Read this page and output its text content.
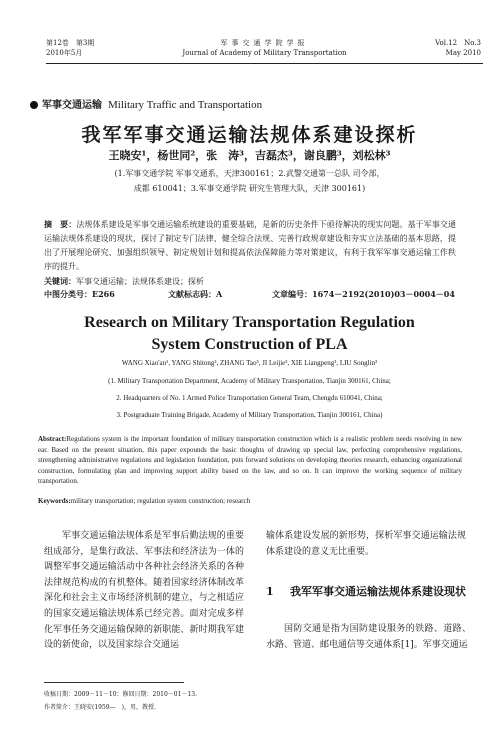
第12卷　第3期
2010年5月
军事交通学院学报
Journal of Academy of Military Transportation
Vol.12　No.3
May 2010
军事交通运输 Military Traffic and Transportation
我军军事交通运输法规体系建设探析
王晓安¹，杨世同²，张　涛³，吉磊杰³，谢良鹏³，刘松林³
(1.军事交通学院 军事交通系，天津300161；2.武警交通第一总队 司令部，
成都 610041；3.军事交通学院 研究生管理大队，天津 300161)
摘　要：法规体系建设是军事交通运输系统建设的重要基础，是新的历史条件下亟待解决的现实问题。基于军事交通运输法规体系建设的现状，探讨了制定专门法律、健全综合法规、完善行政规章建设和夯实立法基础的基本思路，提出了开展理论研究、加强组织领导、制定规划计划和提高依法保障能力等对策建议，有利于我军军事交通运输工作秩序的提升。
关键词：军事交通运输；法规体系建设；探析
中图分类号：E266	文献标志码：A	文章编号：1674－2192(2010)03－0004－04
Research on Military Transportation Regulation
System Construction of PLA
WANG Xiao'an¹, YANG Shitong², ZHANG Tao³, JI Leijie³, XIE Liangpeng³, LIU Songlin³
(1. Military Transportation Department, Academy of Military Transportation, Tianjin 300161, China;
2. Headquarters of No. 1 Armed Police Transportation General Team, Chengdu 610041, China;
3. Postgraduate Training Brigade, Academy of Military Transportation, Tianjin 300161, China)
Abstract:Regulations system is the important foundation of military transportation construction which is a realistic problem needs resolving in new ear. Based on the present situation, this paper expounds the basic thoughts of drawing up special law, perfecting comprehensive regulations, strengthening administrative regulations and legislation foundation, puts forward solutions on developing theories research, enhancing organizational construction, formulating plan and improving support ability based on the law, and so on. It can improve the working sequence of military transportation.
Keywords:military transportation; regulation system construction; research
军事交通运输法规体系是军事后勤法规的重要组成部分，是集行政法、军事法和经济法为一体的调整军事交通运输活动中各种社会经济关系的各种法律规范构成的有机整体。随着国家经济体制改革深化和社会主义市场经济机制的建立，与之相适应的国家交通运输法规体系已经完善。面对完成多样化军事任务交通运输保障的新职能、新时期我军建设的新使命，以及国家综合交通运
输体系建设发展的新形势，探析军事交通运输法规体系建设的意义无比重要。
1	我军军事交通运输法规体系建设现状
国防交通是指为国防建设服务的铁路、道路、水路、管道、邮电通信等交通体系[1]。军事交通运
收稿日期：2009－11－10；修回日期：2010－01－13.
作者简介：王晓安(1959—　)，男，教授.
